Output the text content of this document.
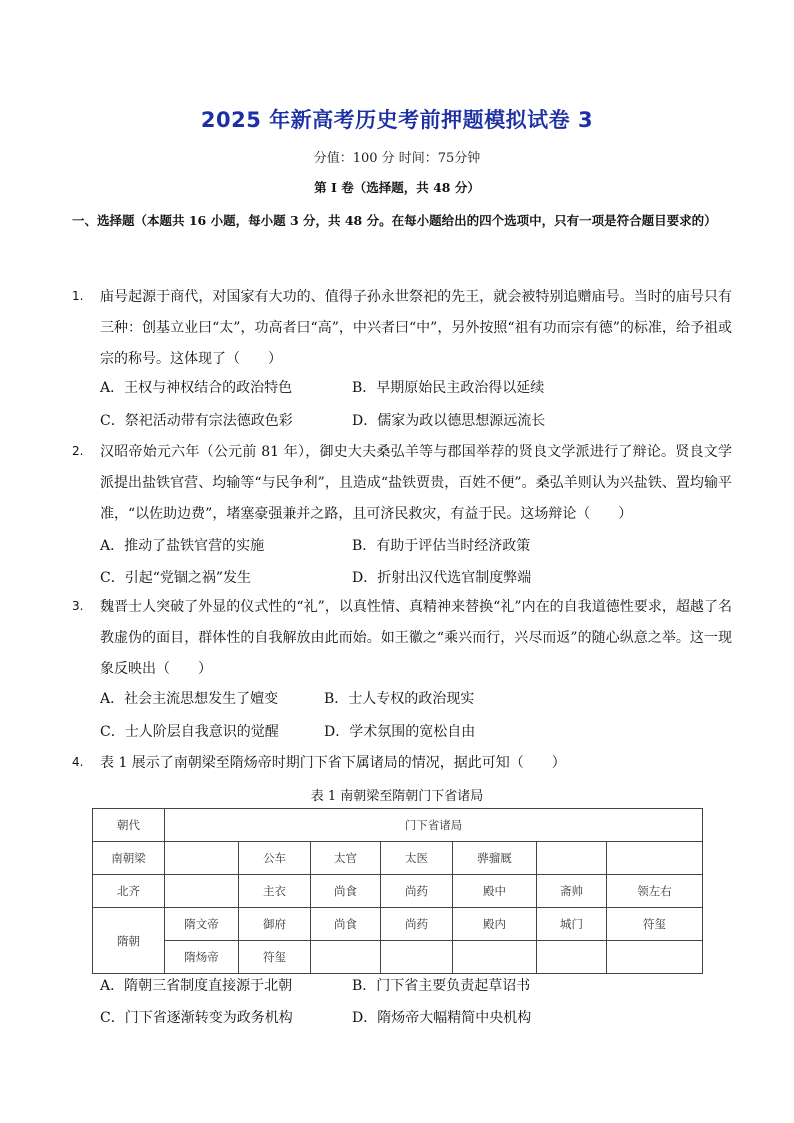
2025 年新高考历史考前押题模拟试卷 3
分值：100 分 时间：75分钟
第 I 卷（选择题，共 48 分）
一、选择题（本题共 16 小题，每小题 3 分，共 48 分。在每小题给出的四个选项中，只有一项是符合题目要求的）
1. 庙号起源于商代，对国家有大功的、值得子孙永世祭祀的先王，就会被特别追赠庙号。当时的庙号只有三种：创基立业曰“太”，功高者曰“高”，中兴者曰“中”，另外按照“祖有功而宗有德”的标准，给予祖或宗的称号。这体现了（　　）
A．王权与神权结合的政治特色	B．早期原始民主政治得以延续
C．祭祀活动带有宗法德政色彩	D．儒家为政以德思想源远流长
2. 汉昭帝始元六年（公元前 81 年），御史大夫桑弘羊等与郡国举荐的贤良文学派进行了辩论。贤良文学派提出盐铁官营、均输等“与民争利”，且造成“盐铁贾贵，百姓不便”。桑弘羊则认为兴盐铁、置均输平准，“以佐助边费”，堵塞豪强兼并之路，且可济民救灾，有益于民。这场辩论（　　）
A．推动了盐铁官营的实施	B．有助于评估当时经济政策
C．引起“党锢之祸”发生	D．折射出汉代选官制度弊端
3. 魏晋士人突破了外显的仪式性的“礼”，以真性情、真精神来替换“礼”内在的自我道德性要求，超越了名教虚伪的面目，群体性的自我解放由此而始。如王徽之“乘兴而行，兴尽而返”的随心纵意之举。这一现象反映出（　　）
A．社会主流思想发生了嬗变	B．士人专权的政治现实
C．士人阶层自我意识的觉醒	D．学术氛围的宽松自由
4. 表 1 展示了南朝梁至隋炀帝时期门下省下属诸局的情况，据此可知（　　）
表 1 南朝梁至隋朝门下省诸局
朝代	门下省诸局						
南朝梁		公车	太官	太医	骅骝厩		
北齐		主衣	尚食	尚药	殿中	斋帅	领左右
隋朝	隋文帝	御府	尚食	尚药	殿内	城门	符玺
	隋炀帝	符玺					
A．隋朝三省制度直接源于北朝	B．门下省主要负责起草诏书
C．门下省逐渐转变为政务机构	D．隋炀帝大幅精简中央机构
